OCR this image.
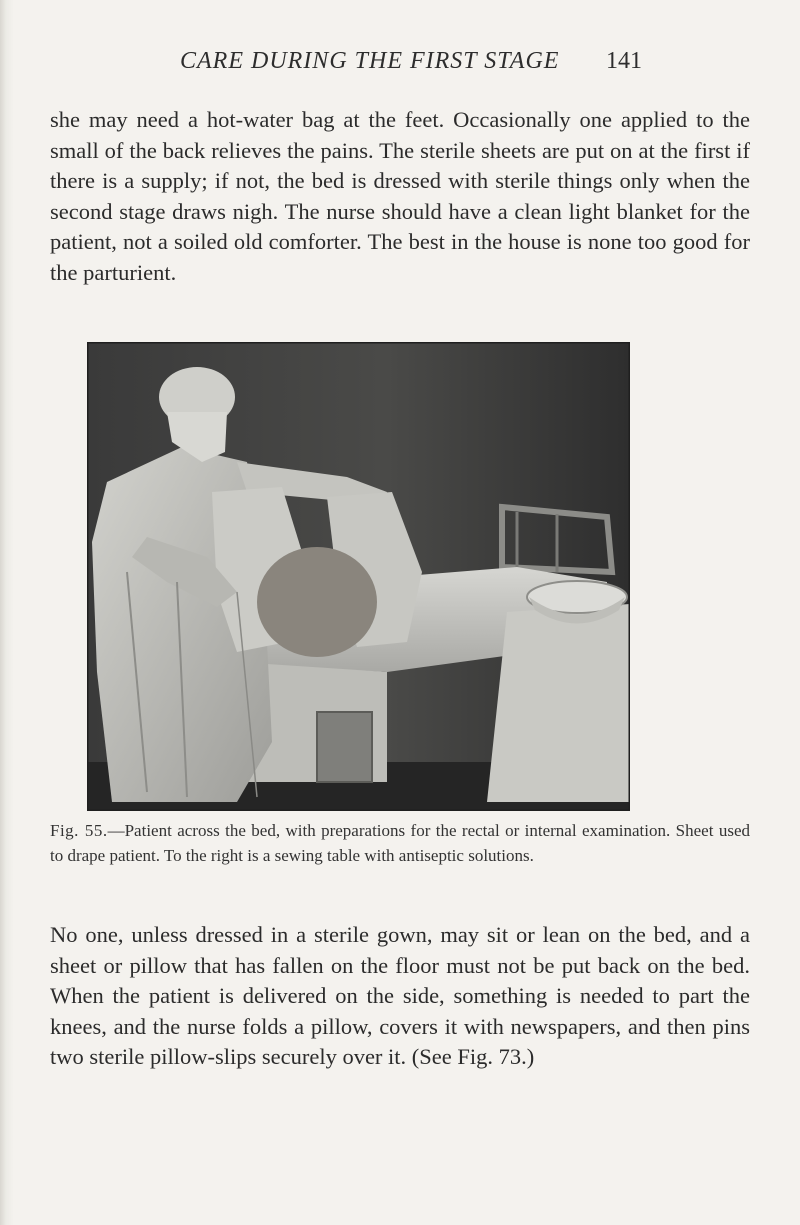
CARE DURING THE FIRST STAGE 141

she may need a hot-water bag at the feet. Occasionally one applied to the small of the back relieves the pains. The sterile sheets are put on at the first if there is a supply; if not, the bed is dressed with sterile things only when the second stage draws nigh. The nurse should have a clean light blanket for the patient, not a soiled old comforter. The best in the house is none too good for the parturient.

Fig. 55.—Patient across the bed, with preparations for the rectal or internal examination. Sheet used to drape patient. To the right is a sewing table with antiseptic solutions.

No one, unless dressed in a sterile gown, may sit or lean on the bed, and a sheet or pillow that has fallen on the floor must not be put back on the bed. When the patient is delivered on the side, something is needed to part the knees, and the nurse folds a pillow, covers it with newspapers, and then pins two sterile pillow-slips securely over it. (See Fig. 73.)
